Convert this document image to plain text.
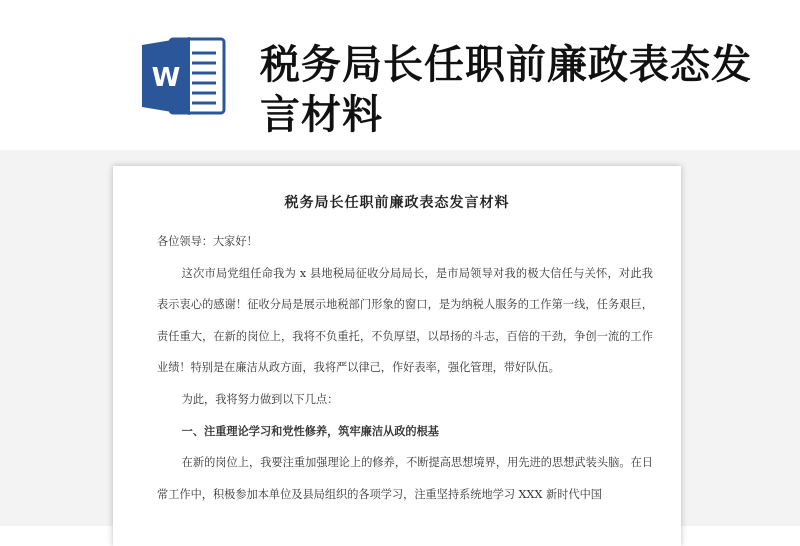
W 税务局长任职前廉政表态发言材料
税务局长任职前廉政表态发言材料

各位领导：大家好！

这次市局党组任命我为 x 县地税局征收分局局长，是市局领导对我的极大信任与关怀，对此我表示衷心的感谢！征收分局是展示地税部门形象的窗口，是为纳税人服务的工作第一线，任务艰巨，责任重大，在新的岗位上，我将不负重托，不负厚望，以昂扬的斗志，百倍的干劲，争创一流的工作业绩！特别是在廉洁从政方面，我将严以律己，作好表率，强化管理，带好队伍。

为此，我将努力做到以下几点：

一、注重理论学习和党性修养，筑牢廉洁从政的根基

在新的岗位上，我要注重加强理论上的修养，不断提高思想境界，用先进的思想武装头脑。在日常工作中，积极参加本单位及县局组织的各项学习，注重坚持系统地学习 XXX 新时代中国
